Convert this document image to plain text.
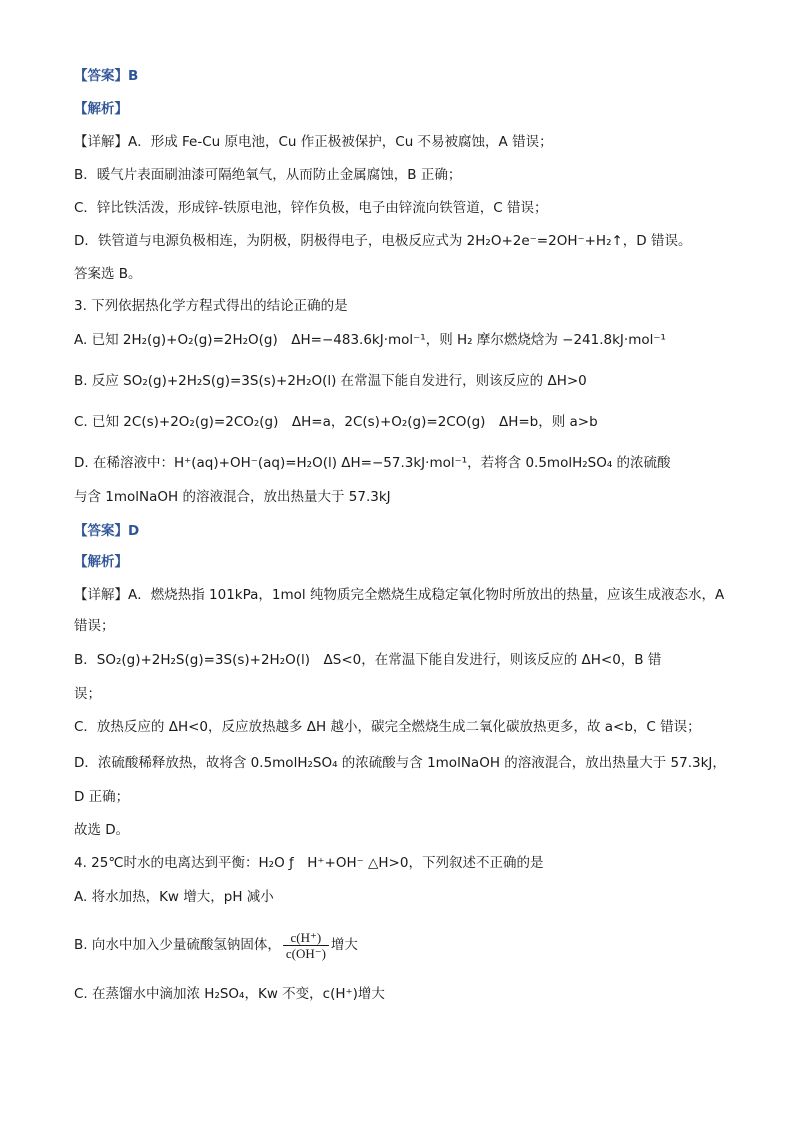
【答案】B
【解析】
【详解】A．形成 Fe-Cu 原电池，Cu 作正极被保护，Cu 不易被腐蚀，A 错误；
B．暖气片表面刷油漆可隔绝氧气，从而防止金属腐蚀，B 正确；
C．锌比铁活泼，形成锌-铁原电池，锌作负极，电子由锌流向铁管道，C 错误；
D．铁管道与电源负极相连，为阴极，阴极得电子，电极反应式为 2H₂O+2e⁻=2OH⁻+H₂↑，D 错误。
答案选 B。
3. 下列依据热化学方程式得出的结论正确的是
A. 已知 2H₂(g)+O₂(g)=2H₂O(g)　ΔH=−483.6kJ·mol⁻¹，则 H₂ 摩尔燃烧焓为 −241.8kJ·mol⁻¹
B. 反应 SO₂(g)+2H₂S(g)=3S(s)+2H₂O(l) 在常温下能自发进行，则该反应的 ΔH>0
C. 已知 2C(s)+2O₂(g)=2CO₂(g)　ΔH=a，2C(s)+O₂(g)=2CO(g)　ΔH=b，则 a>b
D. 在稀溶液中：H⁺(aq)+OH⁻(aq)=H₂O(l) ΔH=−57.3kJ·mol⁻¹，若将含 0.5molH₂SO₄ 的浓硫酸
与含 1molNaOH 的溶液混合，放出热量大于 57.3kJ
【答案】D
【解析】
【详解】A．燃烧热指 101kPa，1mol 纯物质完全燃烧生成稳定氧化物时所放出的热量，应该生成液态水，A
错误；
B．SO₂(g)+2H₂S(g)=3S(s)+2H₂O(l)　ΔS<0，在常温下能自发进行，则该反应的 ΔH<0，B 错
误；
C．放热反应的 ΔH<0，反应放热越多 ΔH 越小，碳完全燃烧生成二氧化碳放热更多，故 a<b，C 错误；
D．浓硫酸稀释放热，故将含 0.5molH₂SO₄ 的浓硫酸与含 1molNaOH 的溶液混合，放出热量大于 57.3kJ，
D 正确；
故选 D。
4. 25℃时水的电离达到平衡：H₂O ƒ　H⁺+OH⁻ △H>0，下列叙述不正确的是
A. 将水加热，Kw 增大，pH 减小
B. 向水中加入少量硫酸氢钠固体， $\frac{c(H^+)}{c(OH^-)}$ 增大
C. 在蒸馏水中滴加浓 H₂SO₄，Kw 不变，c(H⁺)增大
